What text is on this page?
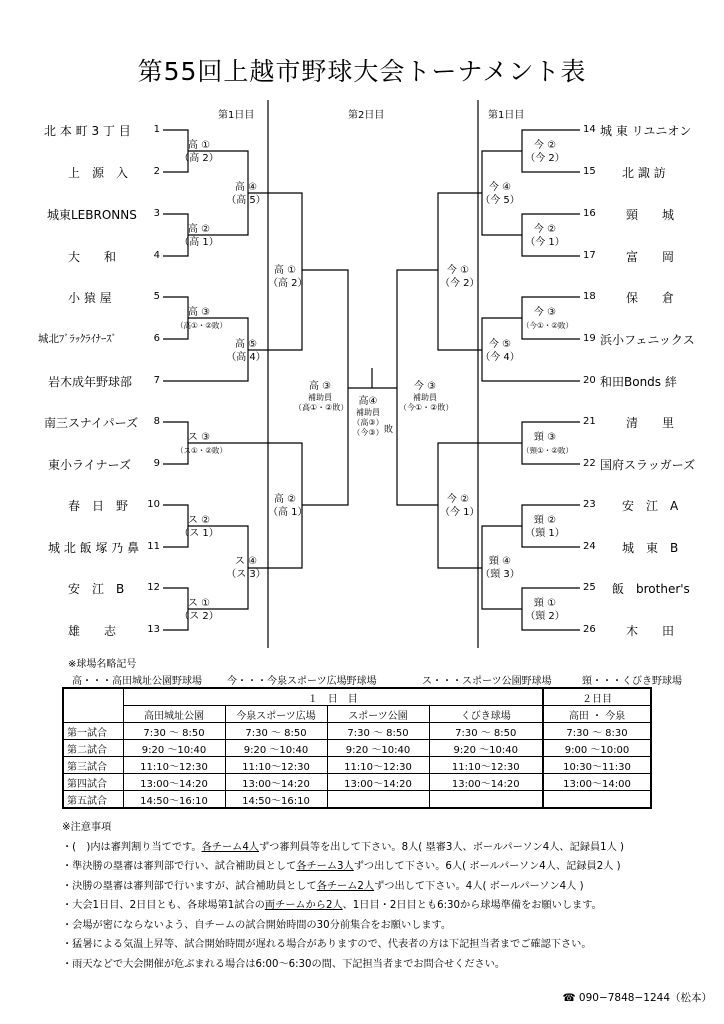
第55回上越市野球大会トーナメント表
第1日目	第2日目	第1日目
北 本 町 3 丁 目
上　源　入
城東LEBRONNS
大　　和
小 猿 屋
城北ﾌﾞﾗｯｸﾗｲﾅｰｽﾞ
岩木成年野球部
南三スナイパーズ
東小ライナーズ
春　日　野
城 北 飯 塚 乃 鼻
安　江　B
雄　　志
1
2
3
4
5
6
7
8
9
10
11
12
13
14
15
16
17
18
19
20
21
22
23
24
25
26
城 東 リユニオン
北 諏 訪
頸　　城
富　　岡
保　　倉
浜小フェニックス
和田Bonds 絆
清　　里
国府スラッガーズ
安　江　A
城　東　B
飯　brother's
木　　田
高 ①
（高 2）
高 ②
（高 1）
高 ③
（高①・②敗）
ス ③
（ス①・②敗）
ス ②
（ス 1）
ス ①
（ス 2）
高 ④
（高 5）
高 ⑤
（高 4）
ス ④
（ス 3）
高 ①
（高 2）
高 ②
（高 1）
高 ③
補助員
（高①・②敗）
今 ③
補助員
（今①・②敗）
高④
補助員
（高③）
（今③） 敗
今 ②
（今 2）
今 ②
（今 1）
今 ③
（今①・②敗）
頸 ③
（頸①・②敗）
頸 ②
（頸 1）
頸 ①
（頸 2）
今 ④
（今 5）
今 ⑤
（今 4）
頸 ④
（頸 3）
今 ①
（今 2）
今 ②
（今 1）
※球場名略記号
高・・・高田城址公園野球場	今・・・今泉スポーツ広場野球場	ス・・・スポーツ公園野球場	頸・・・くびき野球場
	１　日　目				２日目
	高田城址公園	今泉スポーツ広場	スポーツ公園	くびき球場	高田 ・ 今泉
第一試合	7:30 ～ 8:50	7:30 ～ 8:50	7:30 ～ 8:50	7:30 ～ 8:50	7:30 ～ 8:30
第二試合	9:20 ～10:40	9:20 ～10:40	9:20 ～10:40	9:20 ～10:40	9:00 ～10:00
第三試合	11:10～12:30	11:10～12:30	11:10～12:30	11:10～12:30	10:30～11:30
第四試合	13:00～14:20	13:00～14:20	13:00～14:20	13:00～14:20	13:00～14:00
第五試合	14:50～16:10	14:50～16:10			
※注意事項
・(　)内は審判割り当てです。各チーム4人ずつ審判員等を出して下さい。8人( 塁審3人、ボールパーソン4人、記録員1人 )
・準決勝の塁審は審判部で行い、試合補助員として各チーム3人ずつ出して下さい。6人( ボールパーソン4人、記録員2人 )
・決勝の塁審は審判部で行いますが、試合補助員として各チーム2人ずつ出して下さい。4人( ボールパーソン4人 )
・大会1日目、2日目とも、各球場第1試合の両チームから2人、1日目・2日目とも6:30から球場準備をお願いします。
・会場が密にならないよう、自チームの試合開始時間の30分前集合をお願いします。
・猛暑による気温上昇等、試合開始時間が遅れる場合がありますので、代表者の方は下記担当者までご確認下さい。
・雨天などで大会開催が危ぶまれる場合は6:00～6:30の間、下記担当者までお問合せください。
☎ 090−7848−1244（松本）
